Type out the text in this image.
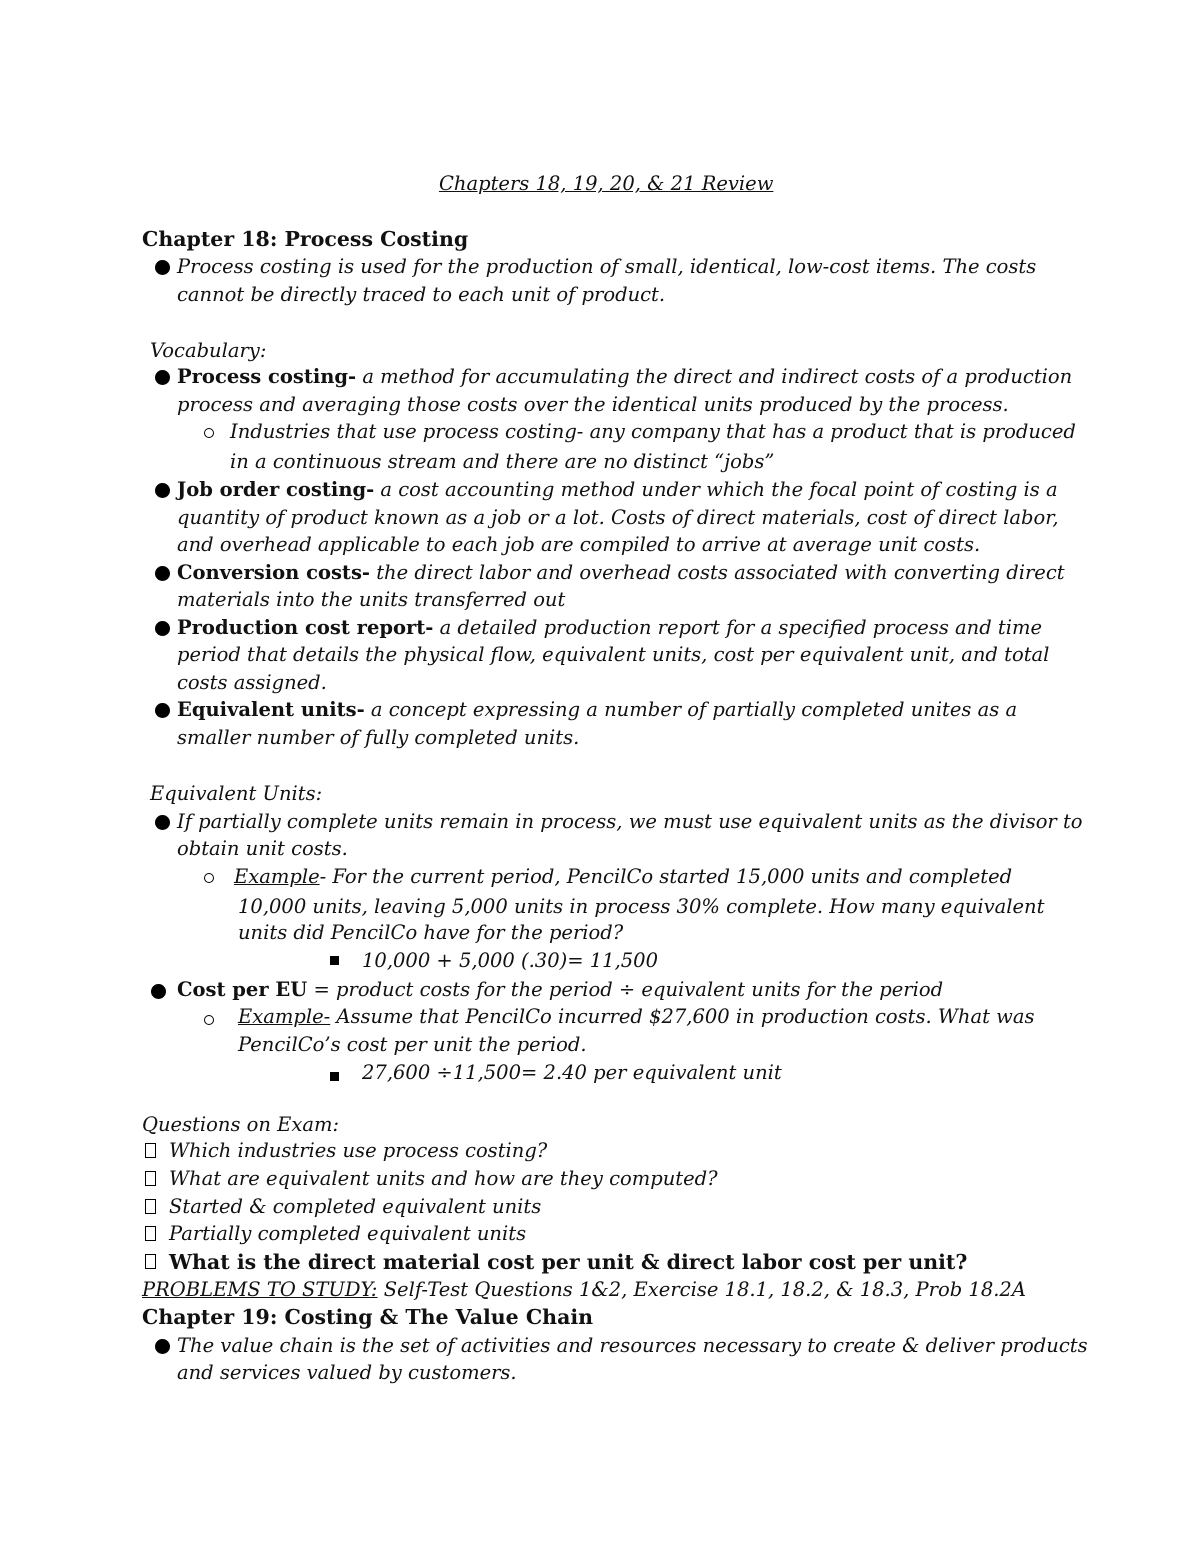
Chapters 18, 19, 20, & 21 Review
Chapter 18: Process Costing
Process costing is used for the production of small, identical, low-cost items. The costs
cannot be directly traced to each unit of product.
Vocabulary:
Process costing- a method for accumulating the direct and indirect costs of a production
process and averaging those costs over the identical units produced by the process.
Industries that use process costing- any company that has a product that is produced
in a continuous stream and there are no distinct “jobs”
Job order costing- a cost accounting method under which the focal point of costing is a
quantity of product known as a job or a lot. Costs of direct materials, cost of direct labor,
and overhead applicable to each job are compiled to arrive at average unit costs.
Conversion costs- the direct labor and overhead costs associated with converting direct
materials into the units transferred out
Production cost report- a detailed production report for a specified process and time
period that details the physical flow, equivalent units, cost per equivalent unit, and total
costs assigned.
Equivalent units- a concept expressing a number of partially completed unites as a
smaller number of fully completed units.
Equivalent Units:
If partially complete units remain in process, we must use equivalent units as the divisor to
obtain unit costs.
Example- For the current period, PencilCo started 15,000 units and completed
10,000 units, leaving 5,000 units in process 30% complete. How many equivalent
units did PencilCo have for the period?
10,000 + 5,000 (.30)= 11,500
Cost per EU = product costs for the period ÷ equivalent units for the period
Example- Assume that PencilCo incurred $27,600 in production costs. What was
PencilCo’s cost per unit the period.
27,600 ÷11,500= 2.40 per equivalent unit
Questions on Exam:
Which industries use process costing?
What are equivalent units and how are they computed?
Started & completed equivalent units
Partially completed equivalent units
What is the direct material cost per unit & direct labor cost per unit?
PROBLEMS TO STUDY: Self-Test Questions 1&2, Exercise 18.1, 18.2, & 18.3, Prob 18.2A
Chapter 19: Costing & The Value Chain
The value chain is the set of activities and resources necessary to create & deliver products
and services valued by customers.
